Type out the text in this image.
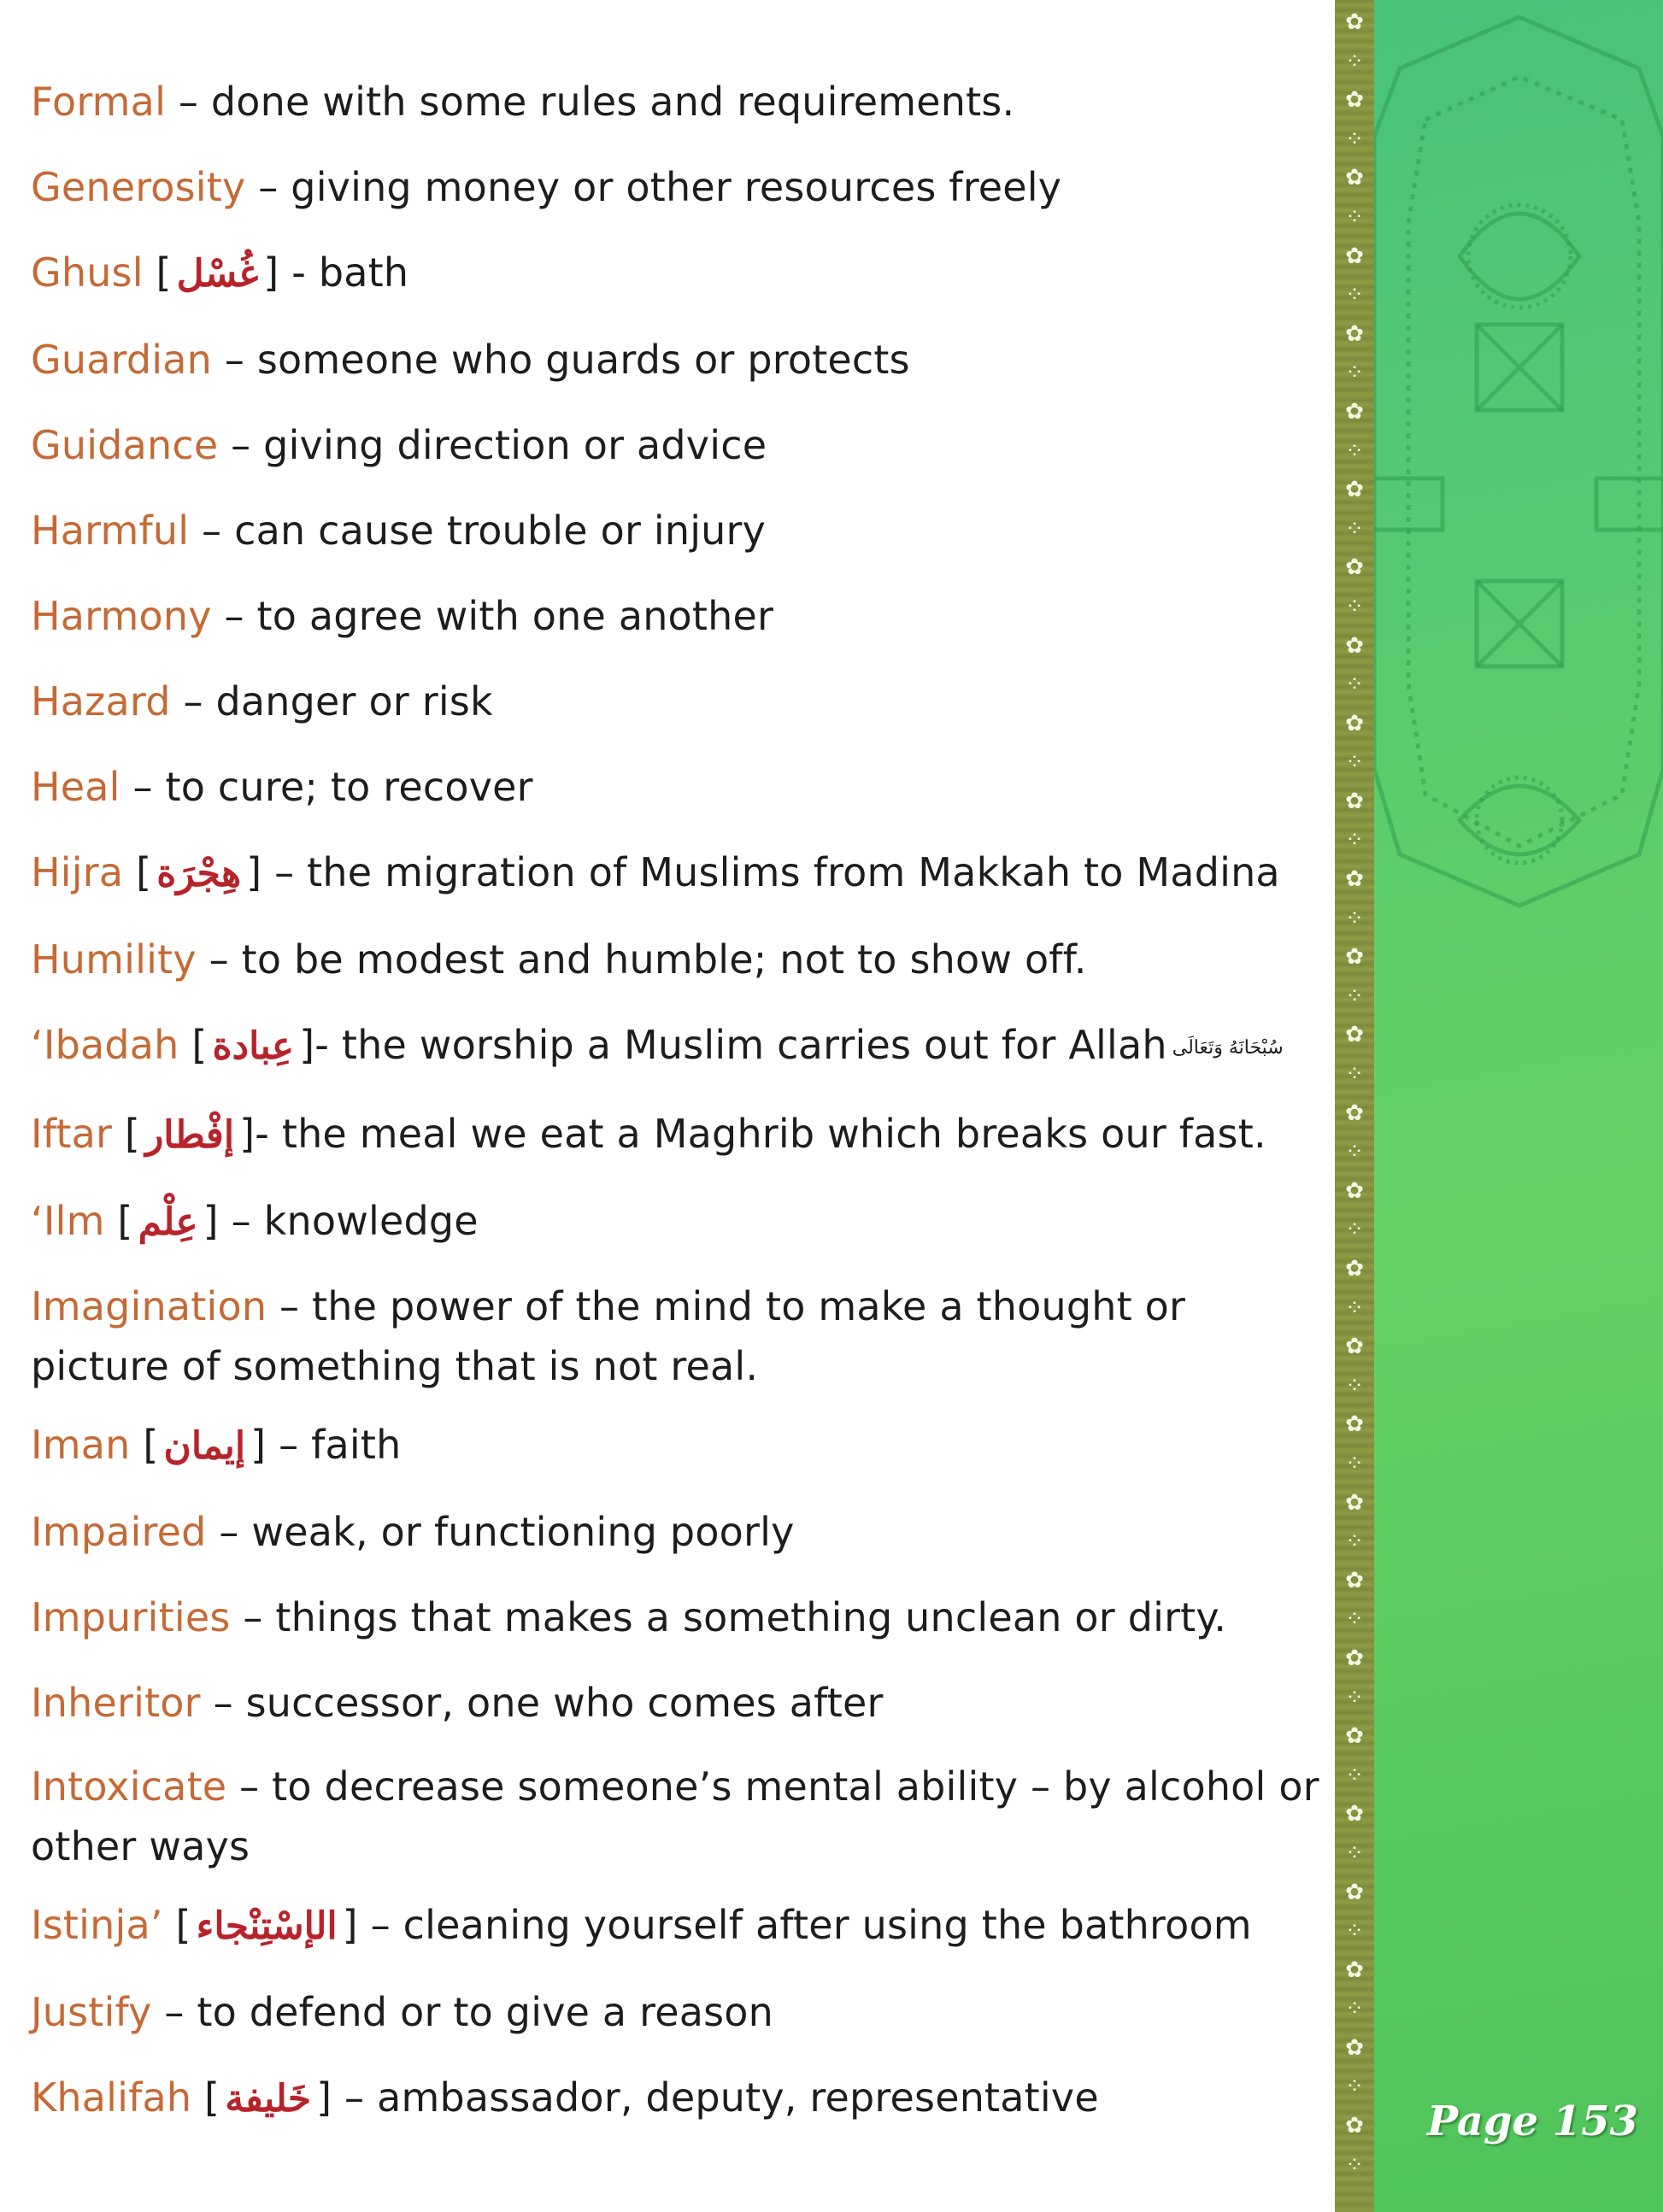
Formal – done with some rules and requirements.

Generosity – giving money or other resources freely

Ghusl [ غُسْل ] - bath

Guardian – someone who guards or protects

Guidance – giving direction or advice

Harmful – can cause trouble or injury

Harmony – to agree with one another

Hazard – danger or risk

Heal – to cure; to recover

Hijra [ هِجْرَة ] – the migration of Muslims from Makkah to Madina

Humility – to be modest and humble; not to show off.

‘Ibadah [ عِبادة ]- the worship a Muslim carries out for Allah سُبْحَانَهُ وَتَعَالَى

Iftar [ إفْطار ]- the meal we eat a Maghrib which breaks our fast.

‘Ilm [ عِلْم ] – knowledge

Imagination – the power of the mind to make a thought or picture of something that is not real.

Iman [ إيمان ] – faith

Impaired – weak, or functioning poorly

Impurities – things that makes a something unclean or dirty.

Inheritor – successor, one who comes after

Intoxicate – to decrease someone’s mental ability – by alcohol or other ways

Istinja’ [ الإسْتِنْجاء ] – cleaning yourself after using the bathroom

Justify – to defend or to give a reason

Khalifah [ خَليفة ] – ambassador, deputy, representative

✿
⁘
✿
⁘
✿
⁘
✿
⁘
✿
⁘
✿
⁘
✿
⁘
✿
⁘
✿
⁘
✿
⁘
✿
⁘
✿
⁘
✿
⁘
✿
⁘
✿
⁘
✿
⁘
✿
⁘
✿
⁘
✿
⁘
✿
⁘
✿
⁘
✿
⁘
✿
⁘
✿
⁘
✿
⁘
✿
⁘
✿
⁘
✿
⁘
Page 153
